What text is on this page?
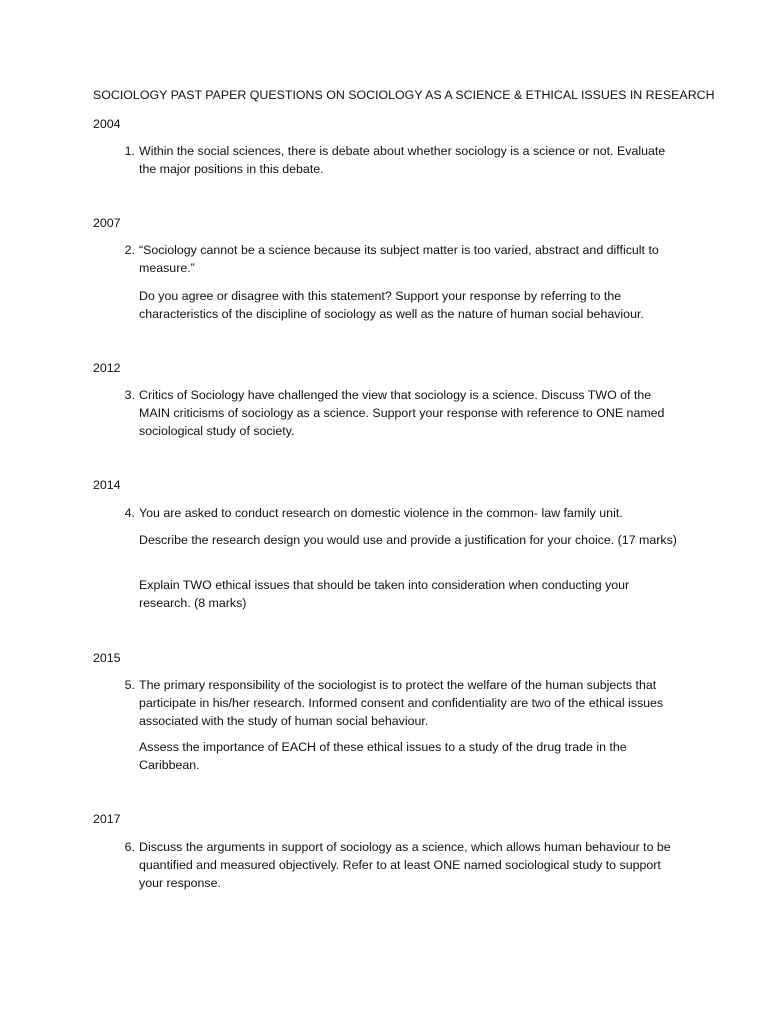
SOCIOLOGY PAST PAPER QUESTIONS ON SOCIOLOGY AS A SCIENCE & ETHICAL ISSUES IN RESEARCH
2004
1. Within the social sciences, there is debate about whether sociology is a science or not. Evaluate the major positions in this debate.
2007
2. “Sociology cannot be a science because its subject matter is too varied, abstract and difficult to measure.”
Do you agree or disagree with this statement? Support your response by referring to the characteristics of the discipline of sociology as well as the nature of human social behaviour.
2012
3. Critics of Sociology have challenged the view that sociology is a science. Discuss TWO of the MAIN criticisms of sociology as a science. Support your response with reference to ONE named sociological study of society.
2014
4. You are asked to conduct research on domestic violence in the common- law family unit.
Describe the research design you would use and provide a justification for your choice. (17 marks)
Explain TWO ethical issues that should be taken into consideration when conducting your research. (8 marks)
2015
5. The primary responsibility of the sociologist is to protect the welfare of the human subjects that participate in his/her research. Informed consent and confidentiality are two of the ethical issues associated with the study of human social behaviour.
Assess the importance of EACH of these ethical issues to a study of the drug trade in the Caribbean.
2017
6. Discuss the arguments in support of sociology as a science, which allows human behaviour to be quantified and measured objectively. Refer to at least ONE named sociological study to support your response.
